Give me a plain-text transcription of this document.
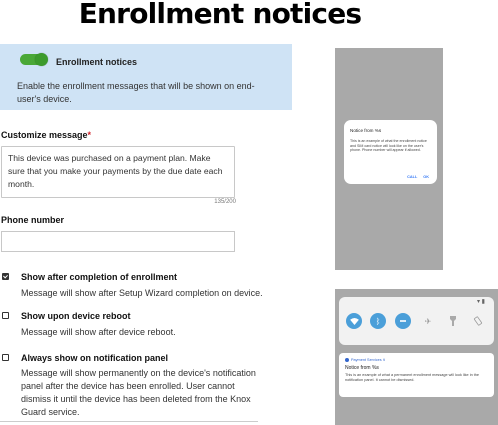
Enrollment notices
Enrollment notices
Enable the enrollment messages that will be shown on end-user's device.
Customize message*
This device was purchased on a payment plan. Make sure that you make your payments by the due date each month.
135/200
Phone number
Show after completion of enrollment
Message will show after Setup Wizard completion on device.
Show upon device reboot
Message will show after device reboot.
Always show on notification panel
Message will show permanently on the device's notification panel after the device has been enrolled. User cannot dismiss it until the device has been deleted from the Knox Guard service.
Notice from %s
This is an example of what the enrollment notice and SIM card notice will look like on the user's phone. Phone number will appear if allowed.
CALL OK
▾ ▮
ᛒ	✈
Payment Services ∨
Notice from %s
This is an example of what a permanent enrollment message will look like in the notification panel. It cannot be dismissed.
